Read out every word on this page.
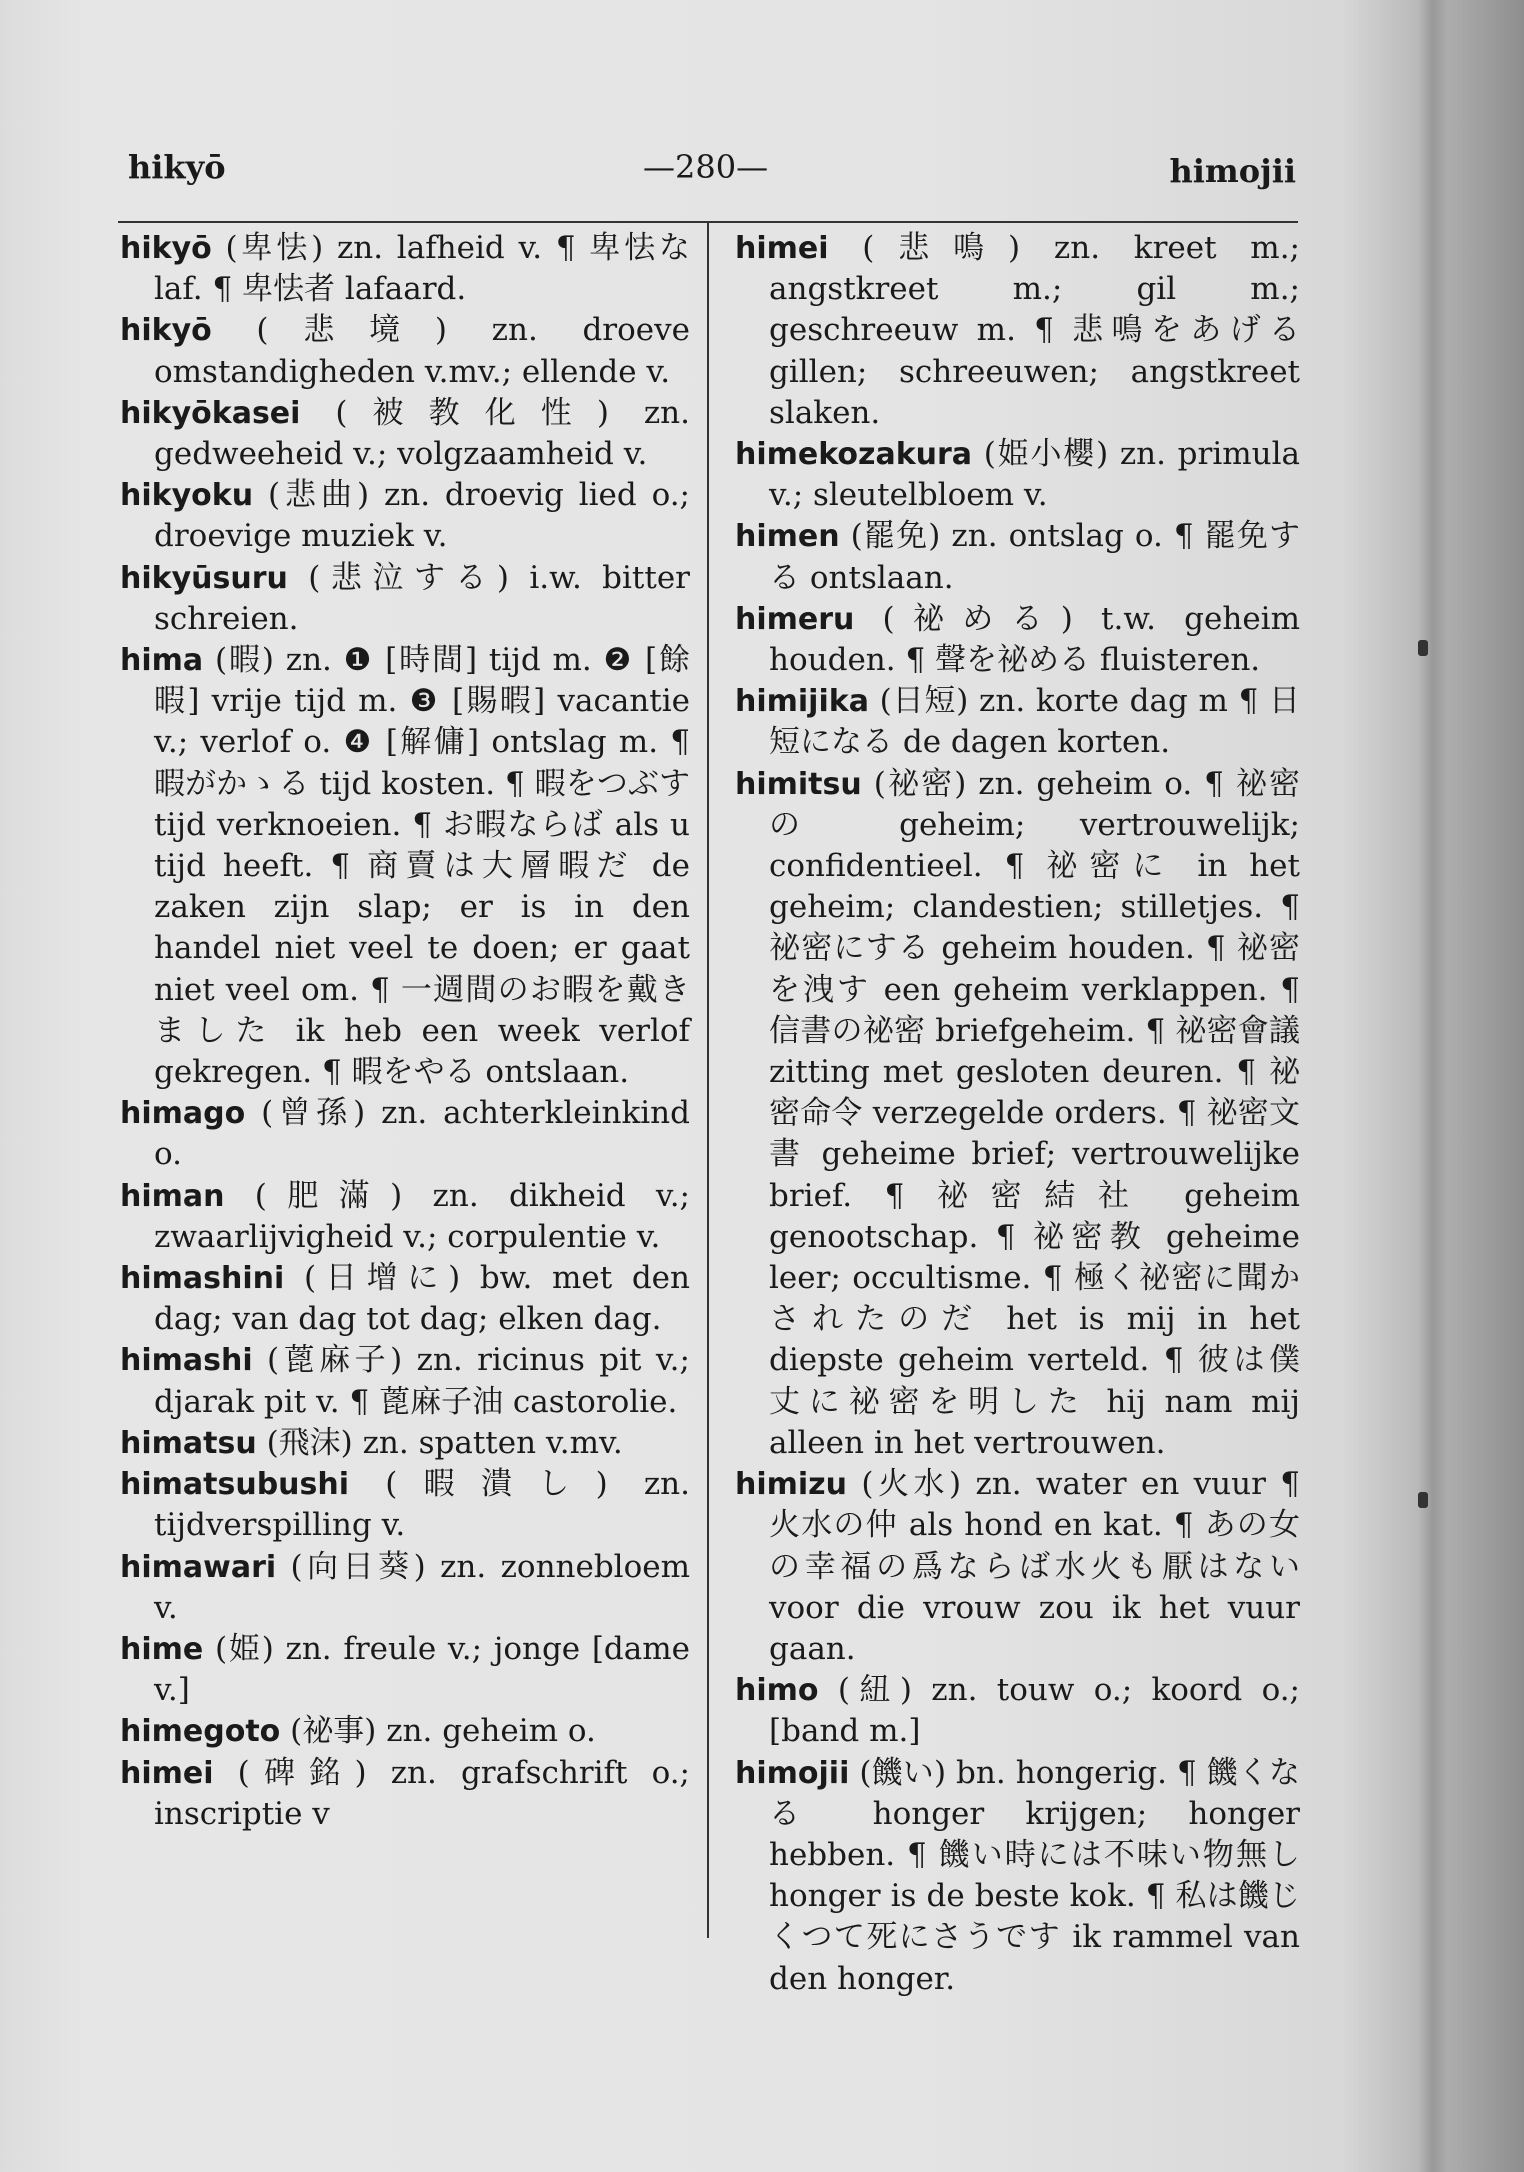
hikyō	—280—	himojii
hikyō (卑怯) zn. lafheid v. ¶ 卑怯な laf. ¶ 卑怯者 lafaard.
hikyō (悲境) zn. droeve omstandigheden v.mv.; ellende v.
hikyōkasei (被教化性) zn. gedweeheid v.; volgzaamheid v.
hikyoku (悲曲) zn. droevig lied o.; droevige muziek v.
hikyūsuru (悲泣する) i.w. bitter schreien.
hima (暇) zn. ❶ [時間] tijd m. ❷ [餘暇] vrije tijd m. ❸ [賜暇] vacantie v.; verlof o. ❹ [解傭] ontslag m. ¶ 暇がかゝる tijd kosten. ¶ 暇をつぶす tijd verknoeien. ¶ お暇ならば als u tijd heeft. ¶ 商賣は大層暇だ de zaken zijn slap; er is in den handel niet veel te doen; er gaat niet veel om. ¶ 一週間のお暇を戴きました ik heb een week verlof gekregen. ¶ 暇をやる ontslaan.
himago (曾孫) zn. achterkleinkind o.
himan (肥滿) zn. dikheid v.; zwaarlijvigheid v.; corpulentie v.
himashini (日增に) bw. met den dag; van dag tot dag; elken dag.
himashi (蓖麻子) zn. ricinus pit v.; djarak pit v. ¶ 蓖麻子油 castorolie.
himatsu (飛沫) zn. spatten v.mv.
himatsubushi (暇潰し) zn. tijdverspilling v.
himawari (向日葵) zn. zonnebloem v.
hime (姫) zn. freule v.; jonge [dame v.]
himegoto (祕事) zn. geheim o.
himei (碑銘) zn. grafschrift o.; inscriptie v
himei (悲鳴) zn. kreet m.; angstkreet m.; gil m.; geschreeuw m. ¶ 悲鳴をあげる gillen; schreeuwen; angstkreet slaken.
himekozakura (姫小櫻) zn. primula v.; sleutelbloem v.
himen (罷免) zn. ontslag o. ¶ 罷免する ontslaan.
himeru (祕める) t.w. geheim houden. ¶ 聲を祕める fluisteren.
himijika (日短) zn. korte dag m ¶ 日短になる de dagen korten.
himitsu (祕密) zn. geheim o. ¶ 祕密の geheim; vertrouwelijk; confidentieel. ¶ 祕密に in het geheim; clandestien; stilletjes. ¶ 祕密にする geheim houden. ¶ 祕密を洩す een geheim verklappen. ¶ 信書の祕密 briefgeheim. ¶ 祕密會議 zitting met gesloten deuren. ¶ 祕密命令 verzegelde orders. ¶ 祕密文書 geheime brief; vertrouwelijke brief. ¶ 祕密結社 geheim genootschap. ¶ 祕密教 geheime leer; occultisme. ¶ 極く祕密に聞かされたのだ het is mij in het diepste geheim verteld. ¶ 彼は僕丈に祕密を明した hij nam mij alleen in het vertrouwen.
himizu (火水) zn. water en vuur ¶ 火水の仲 als hond en kat. ¶ あの女の幸福の爲ならば水火も厭はない voor die vrouw zou ik het vuur gaan.
himo (紐) zn. touw o.; koord o.; [band m.]
himojii (饑い) bn. hongerig. ¶ 饑くなる honger krijgen; honger hebben. ¶ 饑い時には不味い物無し honger is de beste kok. ¶ 私は饑じくつて死にさうです ik rammel van den honger.
